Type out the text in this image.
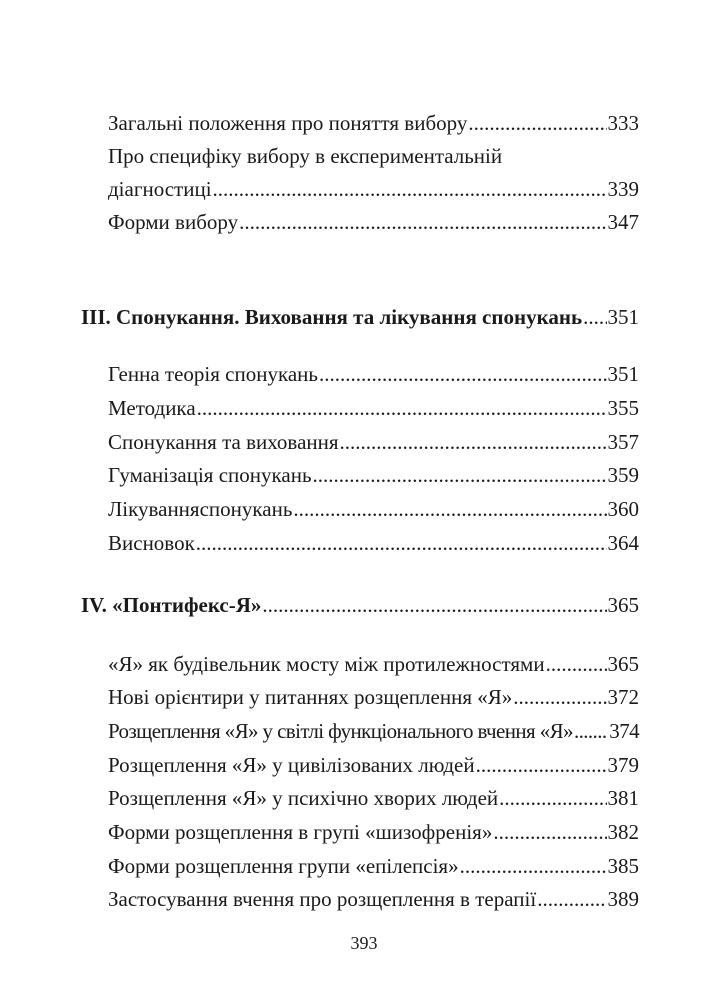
Загальні положення про поняття вибору .....	333
Про специфіку вибору в експериментальній
діагностиці .....	339
Форми вибору .....	347
III. Спонукання. Виховання та лікування спонукань ..... 351
Генна теорія спонукань .....	351
Методика .....	355
Спонукання та виховання .....	357
Гуманізація спонукань .....	359
Лікуванняспонукань .....	360
Висновок .....	364
IV. «Понтифекс-Я» .....	365
«Я» як будівельник мосту між протилежностями .....	365
Нові орієнтири у питаннях розщеплення «Я» .....	372
Розщеплення «Я» у світлі функціонального вчення «Я» ..... 374
Розщеплення «Я» у цивілізованих людей .....	379
Розщеплення «Я» у психічно хворих людей .....	381
Форми розщеплення в групі «шизофренія» .....	382
Форми розщеплення групи «епілепсія» .....	385
Застосування вчення про розщеплення в терапії .....	389
393
